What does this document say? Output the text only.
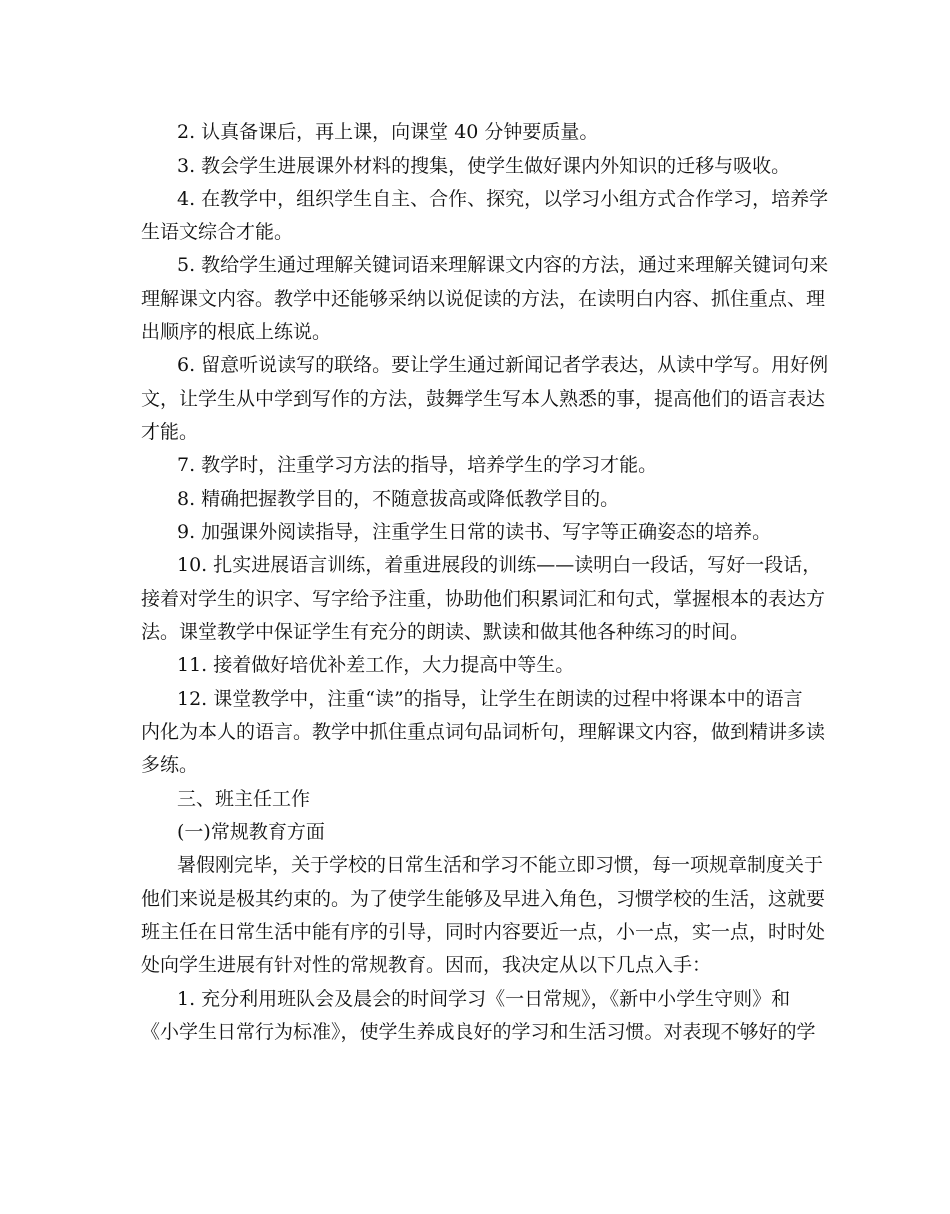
2. 认真备课后，再上课，向课堂 40 分钟要质量。
3. 教会学生进展课外材料的搜集，使学生做好课内外知识的迁移与吸收。
4. 在教学中，组织学生自主、合作、探究，以学习小组方式合作学习，培养学
生语文综合才能。
5. 教给学生通过理解关键词语来理解课文内容的方法，通过来理解关键词句来
理解课文内容。教学中还能够采纳以说促读的方法，在读明白内容、抓住重点、理
出顺序的根底上练说。
6. 留意听说读写的联络。要让学生通过新闻记者学表达，从读中学写。用好例
文，让学生从中学到写作的方法，鼓舞学生写本人熟悉的事，提高他们的语言表达
才能。
7. 教学时，注重学习方法的指导，培养学生的学习才能。
8. 精确把握教学目的，不随意拔高或降低教学目的。
9. 加强课外阅读指导，注重学生日常的读书、写字等正确姿态的培养。
10. 扎实进展语言训练，着重进展段的训练——读明白一段话，写好一段话，
接着对学生的识字、写字给予注重，协助他们积累词汇和句式，掌握根本的表达方
法。课堂教学中保证学生有充分的朗读、默读和做其他各种练习的时间。
11. 接着做好培优补差工作，大力提高中等生。
12. 课堂教学中，注重“读”的指导，让学生在朗读的过程中将课本中的语言
内化为本人的语言。教学中抓住重点词句品词析句，理解课文内容，做到精讲多读
多练。
三、班主任工作
(一)常规教育方面
暑假刚完毕，关于学校的日常生活和学习不能立即习惯，每一项规章制度关于
他们来说是极其约束的。为了使学生能够及早进入角色，习惯学校的生活，这就要
班主任在日常生活中能有序的引导，同时内容要近一点，小一点，实一点，时时处
处向学生进展有针对性的常规教育。因而，我决定从以下几点入手：
1. 充分利用班队会及晨会的时间学习《一日常规》，《新中小学生守则》和
《小学生日常行为标准》，使学生养成良好的学习和生活习惯。对表现不够好的学
